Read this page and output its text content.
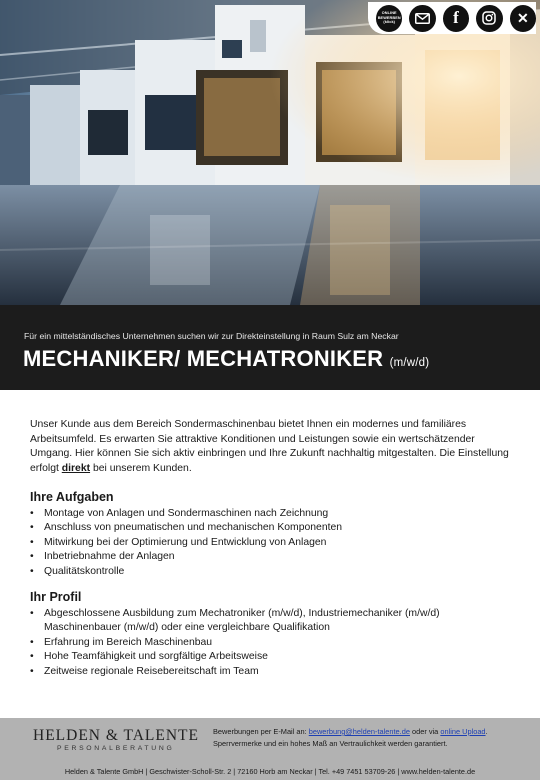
ONLINE
BEWERBEN
(klick)	f	✕
Für ein mittelständisches Unternehmen suchen wir zur Direkteinstellung in Raum Sulz am Neckar
MECHANIKER/ MECHATRONIKER (m/w/d)

Unser Kunde aus dem Bereich Sondermaschinenbau bietet Ihnen ein modernes und familiäres Arbeitsumfeld. Es erwarten Sie attraktive Konditionen und Leistungen sowie ein wertschätzender Umgang. Hier können Sie sich aktiv einbringen und Ihre Zukunft nachhaltig mitgestalten. Die Einstellung erfolgt direkt bei unserem Kunden.

Ihre Aufgaben
• Montage von Anlagen und Sondermaschinen nach Zeichnung
• Anschluss von pneumatischen und mechanischen Komponenten
• Mitwirkung bei der Optimierung und Entwicklung von Anlagen
• Inbetriebnahme der Anlagen
• Qualitätskontrolle
Ihr Profil
• Abgeschlossene Ausbildung zum Mechatroniker (m/w/d), Industriemechaniker (m/w/d) Maschinenbauer (m/w/d) oder eine vergleichbare Qualifikation
• Erfahrung im Bereich Maschinenbau
• Hohe Teamfähigkeit und sorgfältige Arbeitsweise
• Zeitweise regionale Reisebereitschaft im Team
HELDEN & TALENTE
PERSONALBERATUNG
Bewerbungen per E-Mail an: bewerbung@helden-talente.de oder via online Upload.
Sperrvermerke und ein hohes Maß an Vertraulichkeit werden garantiert.
Helden & Talente GmbH | Geschwister-Scholl-Str. 2 | 72160 Horb am Neckar | Tel. +49 7451 53709-26 | www.helden-talente.de
